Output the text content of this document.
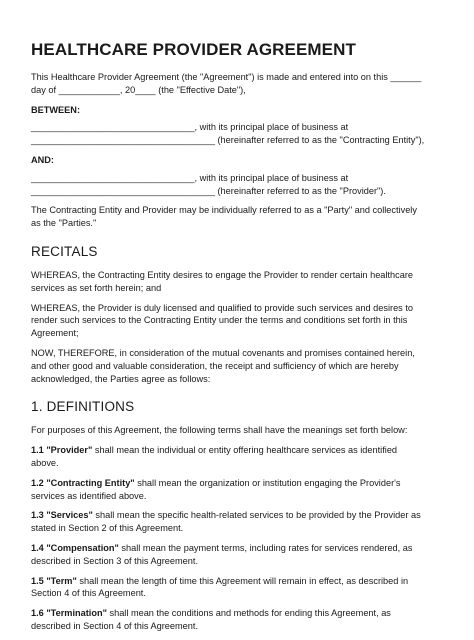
HEALTHCARE PROVIDER AGREEMENT
This Healthcare Provider Agreement (the "Agreement") is made and entered into on this ______
day of ____________, 20____ (the "Effective Date"),
BETWEEN:
________________________________, with its principal place of business at
____________________________________ (hereinafter referred to as the "Contracting Entity"),
AND:
________________________________, with its principal place of business at
____________________________________ (hereinafter referred to as the "Provider").
The Contracting Entity and Provider may be individually referred to as a "Party" and collectively
as the "Parties."
RECITALS
WHEREAS, the Contracting Entity desires to engage the Provider to render certain healthcare
services as set forth herein; and
WHEREAS, the Provider is duly licensed and qualified to provide such services and desires to
render such services to the Contracting Entity under the terms and conditions set forth in this
Agreement;
NOW, THEREFORE, in consideration of the mutual covenants and promises contained herein,
and other good and valuable consideration, the receipt and sufficiency of which are hereby
acknowledged, the Parties agree as follows:
1. DEFINITIONS
For purposes of this Agreement, the following terms shall have the meanings set forth below:
1.1 "Provider" shall mean the individual or entity offering healthcare services as identified
above.
1.2 "Contracting Entity" shall mean the organization or institution engaging the Provider's
services as identified above.
1.3 "Services" shall mean the specific health-related services to be provided by the Provider as
stated in Section 2 of this Agreement.
1.4 "Compensation" shall mean the payment terms, including rates for services rendered, as
described in Section 3 of this Agreement.
1.5 "Term" shall mean the length of time this Agreement will remain in effect, as described in
Section 4 of this Agreement.
1.6 "Termination" shall mean the conditions and methods for ending this Agreement, as
described in Section 4 of this Agreement.
